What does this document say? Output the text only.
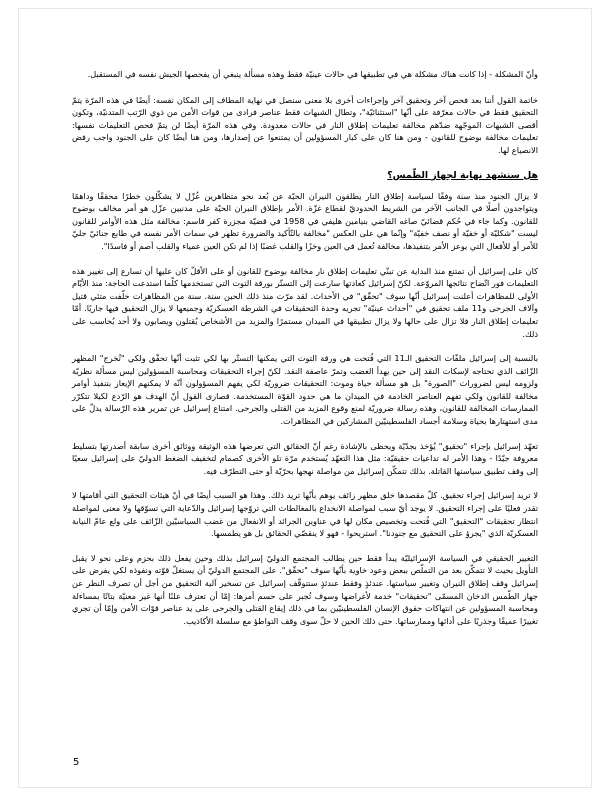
وأنّ المشكلة - إذا كانت هناك مشكلة هي في تطبيقها في حالات عينيّة فقط وهذه مسألة ينبغي أن يفحصها الجيش نفسه في المستقبل.

خاتمة القول أننا بعد فحص آخر وتحقيق آخر وإجراءات أخرى بلا معنى سنصل في نهاية المطاف إلى المكان نفسه: أيضًا في هذه المرّة يتمّ التحقيق فقط في حالات معرّفة على أنّها "استثنائيّة"، وتطال الشبهات فقط عناصر فرادى من قوات الأمن من ذوي الرّتب المتدنيّة، وتكون أقصى الشبهات الموجّهة ضدّهم مخالفة تعليمات إطلاق النار في حالات معدودة. وفي هذه المرّة أيضًا لن يتمّ فحص التعليمات نفسها: تعليمات مخالفة بوضوح للقانون - ومن هنا كان على كبار المسؤولين أن يمتنعوا عن إصدارها، ومن هنا أيضًا كان على الجنود واجب رفض الانصياع لها.

هل سنشهد نهاية لجهاز الطّمس؟

لا يزال الجنود منذ سنة وفقًا لسياسة إطلاق النار يطلقون النيران الحيّة عن بُعد نحو متظاهرين عُزّل لا يشكّلون خطرًا محققًا وداهمًا ويتواجدون أصلًا في الجانب الآخر من الشريط الحدوديّ لقطاع غزّة. الأمر بإطلاق النيران الحيّة على مدنيين عزّل هو أمر مخالف بوضوح للقانون. وكما جاء في حُكم قضائيّ صاغه القاضي بنيامين هليفي في 1958 في قضيّة مجزرة كفر قاسم: مخالفة مثل هذه الأوامر للقانون ليست "شكليّة أو خفيّة أو نصف خفيّة" وإنّما هي على العكس "مخالفة بالتّأكيد والضرورة تظهر في سمات الأمر نفسه في طابع جنائيّ جليّ للأمر أو للأفعال التي يوعز الأمر بتنفيذها، مخالفة تُعمل في العين وخزًا والقلب غضبًا إذا لم تكن العين عمياء والقلب أصم أو فاسدًا".

كان على إسرائيل أن تمتنع منذ البداية عن تبنّي تعليمات إطلاق نار مخالفة بوضوح للقانون أو على الأقلّ كان عليها أن تسارع إلى تغيير هذه التعليمات فور اتّضاح نتائجها المروّعة. لكنّ إسرائيل كعادتها سارعت إلى التستّر بورقة التوت التي تستخدمها كلّما استدعت الحاجة: منذ الأيّام الأولى للمظاهرات أعلنت إسرائيل أنّها سوف "تحقّق" في الأحداث. لقد مرّت منذ ذلك الحين سنة. سنة من المظاهرات خلّفت متئي قتيل وآلاف الجرحى و11 ملف تحقيق في "أحداث عينيّة" تجريه وحدة التحقيقات في الشرطة العسكريّة وجميعها لا يزال التحقيق فيها جاريًا. أمّا تعليمات إطلاق النار فلا تزال على حالها ولا يزال تطبيقها في الميدان مستمرًا والمزيد من الأشخاص يُقتلون ويصابون ولا أحد يُحاسب على ذلك.

بالنسبة إلى إسرائيل ملفّات التحقيق الـ11 التي فُتحت هي ورقة التوت التي يمكنها التستّر بها لكي تثبت أنّها تحقّق ولكي "تُخرج" المظهر الزّائف الذي تحتاجه لإسكات النقد إلى حين يهدأ الغضب وتمرّ عاصفة النقد. لكنّ إجراء التحقيقات ومحاسبة المسؤولين ليس مسألة نظريّة ولزومه ليس لضرورات "الصورة" بل هو مسألة حياة وموت: التحقيقات ضروريّة لكي يفهم المسؤولون أنّه لا يمكنهم الإيعاز بتنفيذ أوامر مخالفة للقانون ولكي تفهم العناصر الخادمة في الميدان ما هي حدود القوّة المستخدمة. قصارى القول أنّ الهدف هو الرّدع لكيلا تتكرّر الممارسات المخالفة للقانون، وهذه رسالة ضروريّة لمنع وقوع المزيد من القتلى والجرحى. امتناع إسرائيل عن تمرير هذه الرّسالة يدلّ على مدى استهتارها بحياة وسلامة أجساد الفلسطينيّين المشاركين في المظاهرات.

تعهّد إسرائيل بإجراء "تحقيق" يُؤخذ بجدّيّة ويحظى بالإشادة رغم أنّ الحقائق التي تعرضها هذه الوثيقة ووثائق أخرى سابقة أصدرتها بتسليط معروفة جيّدًا - وهذا الأمر له تداعيات حقيقيّة: مثل هذا التعهّد يُستخدم مرّة تلو الأخرى كصمام لتخفيف الضغط الدوليّ على إسرائيل سعيًا إلى وقف تطبيق سياستها القاتلة. بذلك تتمكّن إسرائيل من مواصلة نهجها بحرّيّة أو حتى التطرّف فيه.

لا تريد إسرائيل إجراء تحقيق. كلّ مقصدها خلق مظهر زائف يوهم بأنّها تريد ذلك. وهذا هو السبب أيضًا في أنّ هيئات التحقيق التي أقامتها لا تقدر فعليًا على إجراء التحقيق. لا يوجد أيّ سبب لمواصلة الانخداع بالمغالطات التي تروّجها إسرائيل والدّعاية التي تسوّقها ولا معنى لمواصلة انتظار تحقيقات "التحقيق" التي فُتحت وتخصيص مكان لها في عناوين الجرائد أو الانفعال من غضب السياسيّين الزّائف على ولع عامّ النيابة العسكريّة الذي "يجرؤ على التحقيق مع جنودنا". استريحوا - فهو لا ينقصّي الحقائق بل هو يطمسها.

التغيير الحقيقي في السياسة الإسرائيليّة يبدأ فقط حين يطالب المجتمع الدوليّ إسرائيل بذلك وحين يفعل ذلك بحزم وعلى نحو لا يقبل التأويل بحيث لا تتمكّن بعد من التملّص ببعض وعود خاوية بأنّها سوف "تحقّق". على المجتمع الدوليّ أن يستغلّ قوّته ونفوذه لكي يفرض على إسرائيل وقف إطلاق النيران وتغيير سياستها. عندئذٍ وفقط عندئذٍ ستتوقّف إسرائيل عن تسخير آلية التحقيق من أجل أن تصرف النظر عن جهاز الطّمس الدخان المسمّى "تحقيقات" خدمة لأغراضها وسوف تُجبر على حسم أمرها: إمّا أن تعترف علنًا أنها غير معنيّة بتاتًا بمساءلة ومحاسبة المسؤولين عن انتهاكات حقوق الإنسان الفلسطينيّين بما في ذلك إيقاع القتلى والجرحى على يد عناصر قوّات الأمن وإمّا أن تجري تغييرًا عميقًا وجذريًا على أدائها وممارساتها. حتى ذلك الحين لا حلّ سوى وقف التواطؤ مع سلسلة الأكاذيب.

5
